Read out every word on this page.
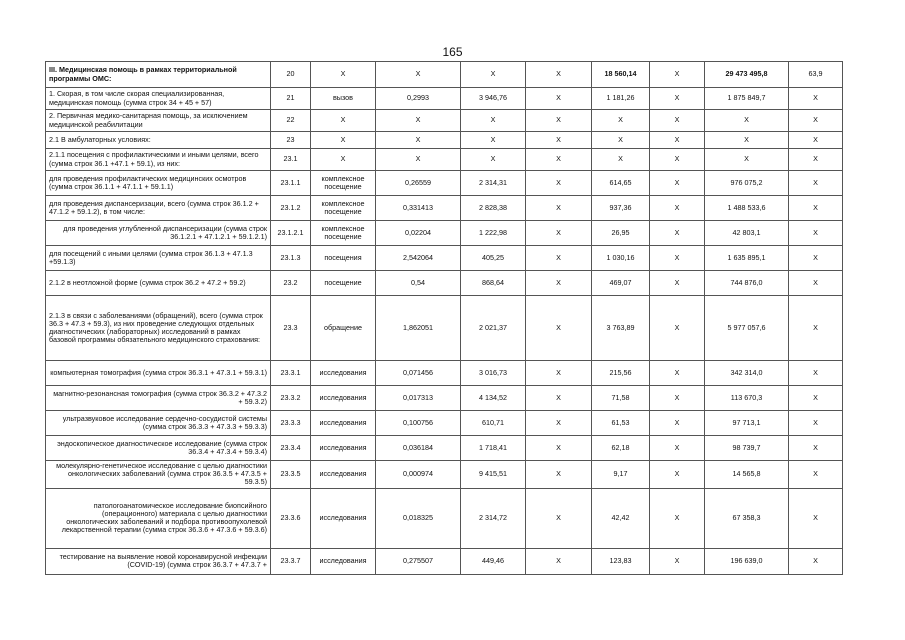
165
III. Медицинская помощь в рамках территориальной программы ОМС:	20	Х	Х	Х	Х	18 560,14	Х	29 473 495,8	63,9
1. Скорая, в том числе скорая специализированная, медицинская помощь (сумма строк 34 + 45 + 57)	21	вызов	0,2993	3 946,76	Х	1 181,26	Х	1 875 849,7	Х
2. Первичная медико-санитарная помощь, за исключением медицинской реабилитации	22	Х	Х	Х	Х	Х	Х	Х	Х
2.1 В амбулаторных условиях:	23	Х	Х	Х	Х	Х	Х	Х	Х
2.1.1 посещения с профилактическими и иными целями, всего (сумма строк 36.1 +47.1 + 59.1), из них:	23.1	Х	Х	Х	Х	Х	Х	Х	Х
для проведения профилактических медицинских осмотров (сумма строк 36.1.1 + 47.1.1 + 59.1.1)	23.1.1	комплексное посещение	0,26559	2 314,31	Х	614,65	Х	976 075,2	Х
для проведения диспансеризации, всего (сумма строк 36.1.2 + 47.1.2 + 59.1.2), в том числе:	23.1.2	комплексное посещение	0,331413	2 828,38	Х	937,36	Х	1 488 533,6	Х
для проведения углубленной диспансеризации (сумма строк 36.1.2.1 + 47.1.2.1 + 59.1.2.1)	23.1.2.1	комплексное посещение	0,02204	1 222,98	Х	26,95	Х	42 803,1	Х
для посещений с иными целями (сумма строк 36.1.3 + 47.1.3 +59.1.3)	23.1.3	посещения	2,542064	405,25	Х	1 030,16	Х	1 635 895,1	Х
2.1.2 в неотложной форме (сумма строк 36.2 + 47.2 + 59.2)	23.2	посещение	0,54	868,64	Х	469,07	Х	744 876,0	Х
2.1.3 в связи с заболеваниями (обращений), всего (сумма строк 36.3 + 47.3 + 59.3), из них проведение следующих отдельных диагностических (лабораторных) исследований в рамках базовой программы обязательного медицинского страхования:	23.3	обращение	1,862051	2 021,37	Х	3 763,89	Х	5 977 057,6	Х
компьютерная томография (сумма строк 36.3.1 + 47.3.1 + 59.3.1)	23.3.1	исследования	0,071456	3 016,73	Х	215,56	Х	342 314,0	Х
магнитно-резонансная томография (сумма строк 36.3.2 + 47.3.2 + 59.3.2)	23.3.2	исследования	0,017313	4 134,52	Х	71,58	Х	113 670,3	Х
ультразвуковое исследование сердечно-сосудистой системы (сумма строк 36.3.3 + 47.3.3 + 59.3.3)	23.3.3	исследования	0,100756	610,71	Х	61,53	Х	97 713,1	Х
эндоскопическое диагностическое исследование (сумма строк 36.3.4 + 47.3.4 + 59.3.4)	23.3.4	исследования	0,036184	1 718,41	Х	62,18	Х	98 739,7	Х
молекулярно-генетическое исследование с целью диагностики онкологических заболеваний (сумма строк 36.3.5 + 47.3.5 + 59.3.5)	23.3.5	исследования	0,000974	9 415,51	Х	9,17	Х	14 565,8	Х
патологоанатомическое исследование биопсийного (операционного) материала с целью диагностики онкологических заболеваний и подбора противоопухолевой лекарственной терапии (сумма строк 36.3.6 + 47.3.6 + 59.3.6)	23.3.6	исследования	0,018325	2 314,72	Х	42,42	Х	67 358,3	Х
тестирование на выявление новой коронавирусной инфекции (COVID-19) (сумма строк 36.3.7 + 47.3.7 +	23.3.7	исследования	0,275507	449,46	Х	123,83	Х	196 639,0	Х
